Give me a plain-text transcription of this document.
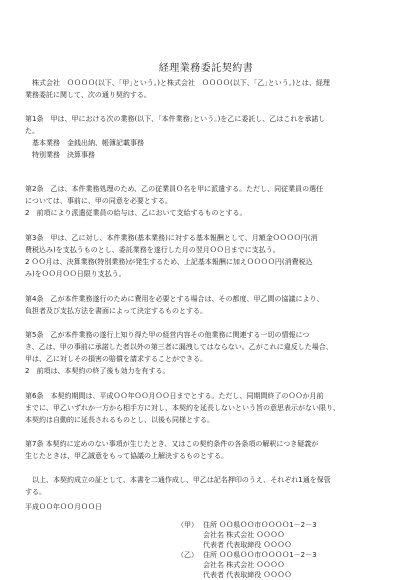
経理業務委託契約書
　株式会社　ＯＯＯＯ(以下、｢甲｣という。)と株式会社　ＯＯＯＯ(以下、｢乙｣という。)とは、経理
業務委託に関して、次の通り契約する。
第1条　甲は、甲における次の業務(以下、｢本件業務｣という。)を乙に委託し、乙はこれを承諾し
た。
　基本業務　金銭出納、帳簿記載事務
　特別業務　決算事務
第2条　乙は、本件業務処理のため、乙の従業員Ｏ名を甲に派遣する。ただし、同従業員の選任
については、事前に、甲の同意を必要とする。
2　前項により派遣従業員の給与は、乙において支給するものとする。
第3条　甲は、乙に対し、本件業務(基本業務)に対する基本報酬として、月額金ＯＯＯＯ円(消
費税込み)を支払うものとし、委託業務を遂行した月の翌月ＯＯ日までに支払う。
2 ＯＯ月は、決算業務(特別業務)が発生するため、上記基本報酬に加えＯＯＯＯ円(消費税込
み)をＯＯ月ＯＯ日限り支払う。
第4条　乙が本件業務遂行のために費用を必要とする場合は、その都度、甲乙間の協議により、
負担者及び支払方法を書面によって決定するものとする。
第5条　乙が本件業務の遂行上知り得た甲の経営内容その他業務に関連する一切の情報につ
き、乙は、甲の事前に承諾した者以外の第三者に漏洩してはならない。乙がこれに違反した場合、
甲は、乙に対しその損害の賠償を請求することができる。
2　前項は、本契約の終了後も効力を有する。
第6条　本契約期間は、平成ＯＯ年ＯＯ月ＯＯ日までとする。ただし、同期間終了のＯＯか月前
までに、甲乙いずれか一方から相手方に対し、本契約を延長しないという旨の意思表示がない限り、
本契約は自動的に延長されるものとし、以後も同様とする。
第7条 本契約に定めのない事項が生じたとき、又はこの契約条件の各条項の解釈につき疑義が
生じたときは、甲乙誠意をもって協議の上解決するものとする。
　以上、本契約成立の証として、本書を二通作成し、甲乙は記名押印のうえ、それぞれ1通を保管
する。
平成ＯＯ年ＯＯ月ＯＯ日
（甲） 住所 ＯＯ県ＯＯ市ＯＯＯＯ1－2－3
会社名 株式会社 ＯＯＯＯ
代表者 代表取締役 ＯＯＯＯ
（乙） 住所 ＯＯ県ＯＯ市ＯＯＯＯ1－2－3
会社名 株式会社 ＯＯＯＯ
代表者 代表取締役 ＯＯＯＯ
